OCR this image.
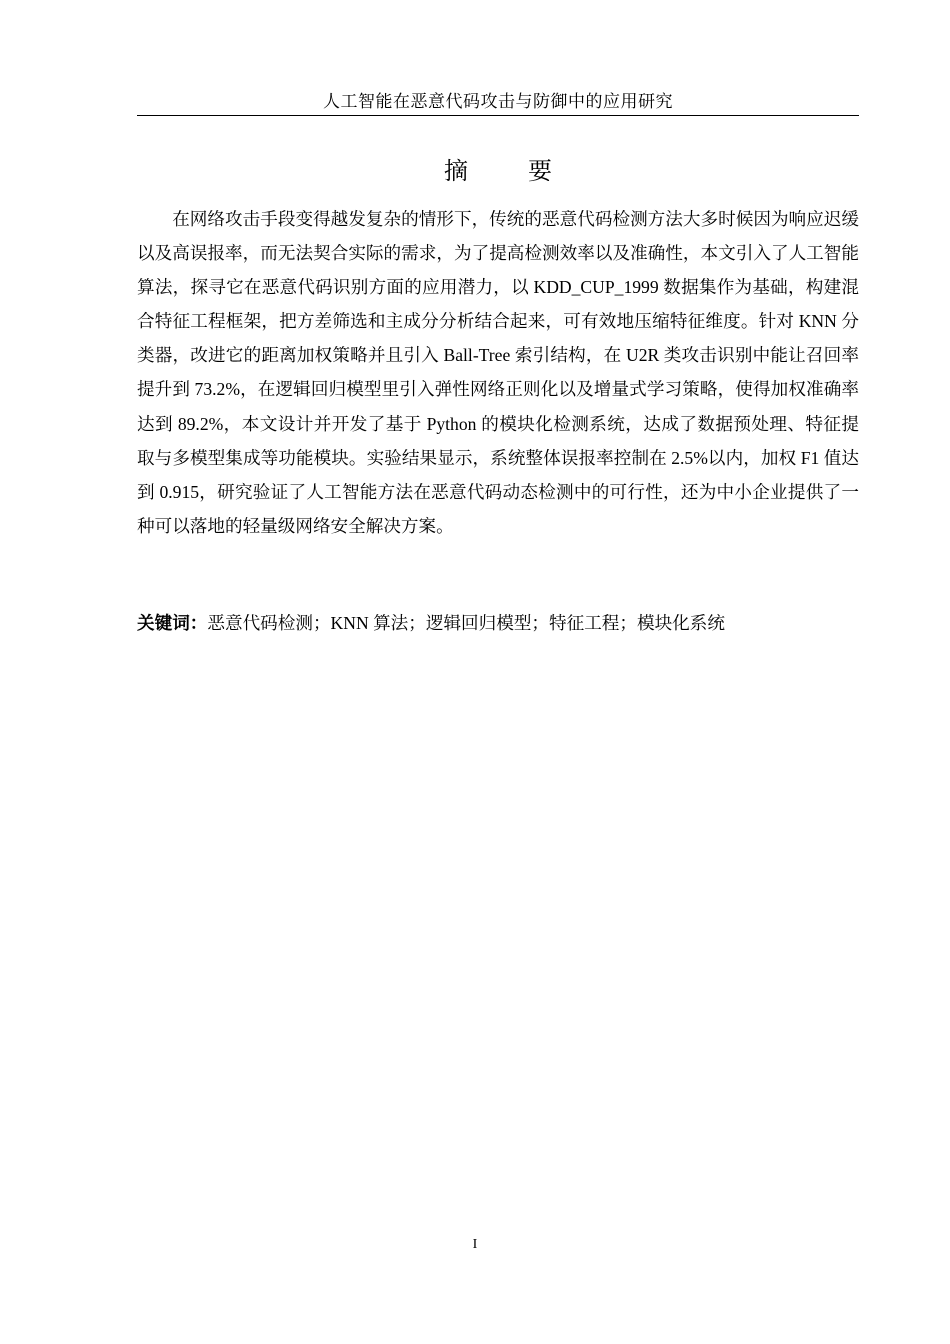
人工智能在恶意代码攻击与防御中的应用研究
摘　要

在网络攻击手段变得越发复杂的情形下，传统的恶意代码检测方法大多时候因为响应迟缓以及高误报率，而无法契合实际的需求，为了提高检测效率以及准确性，本文引入了人工智能算法，探寻它在恶意代码识别方面的应用潜力，以 KDD_CUP_1999 数据集作为基础，构建混合特征工程框架，把方差筛选和主成分分析结合起来，可有效地压缩特征维度。针对 KNN 分类器，改进它的距离加权策略并且引入 Ball-Tree 索引结构，在 U2R 类攻击识别中能让召回率提升到 73.2%，在逻辑回归模型里引入弹性网络正则化以及增量式学习策略，使得加权准确率达到 89.2%，本文设计并开发了基于 Python 的模块化检测系统，达成了数据预处理、特征提取与多模型集成等功能模块。实验结果显示，系统整体误报率控制在 2.5%以内，加权 F1 值达到 0.915，研究验证了人工智能方法在恶意代码动态检测中的可行性，还为中小企业提供了一种可以落地的轻量级网络安全解决方案。

关键词：恶意代码检测；KNN 算法；逻辑回归模型；特征工程；模块化系统

I
